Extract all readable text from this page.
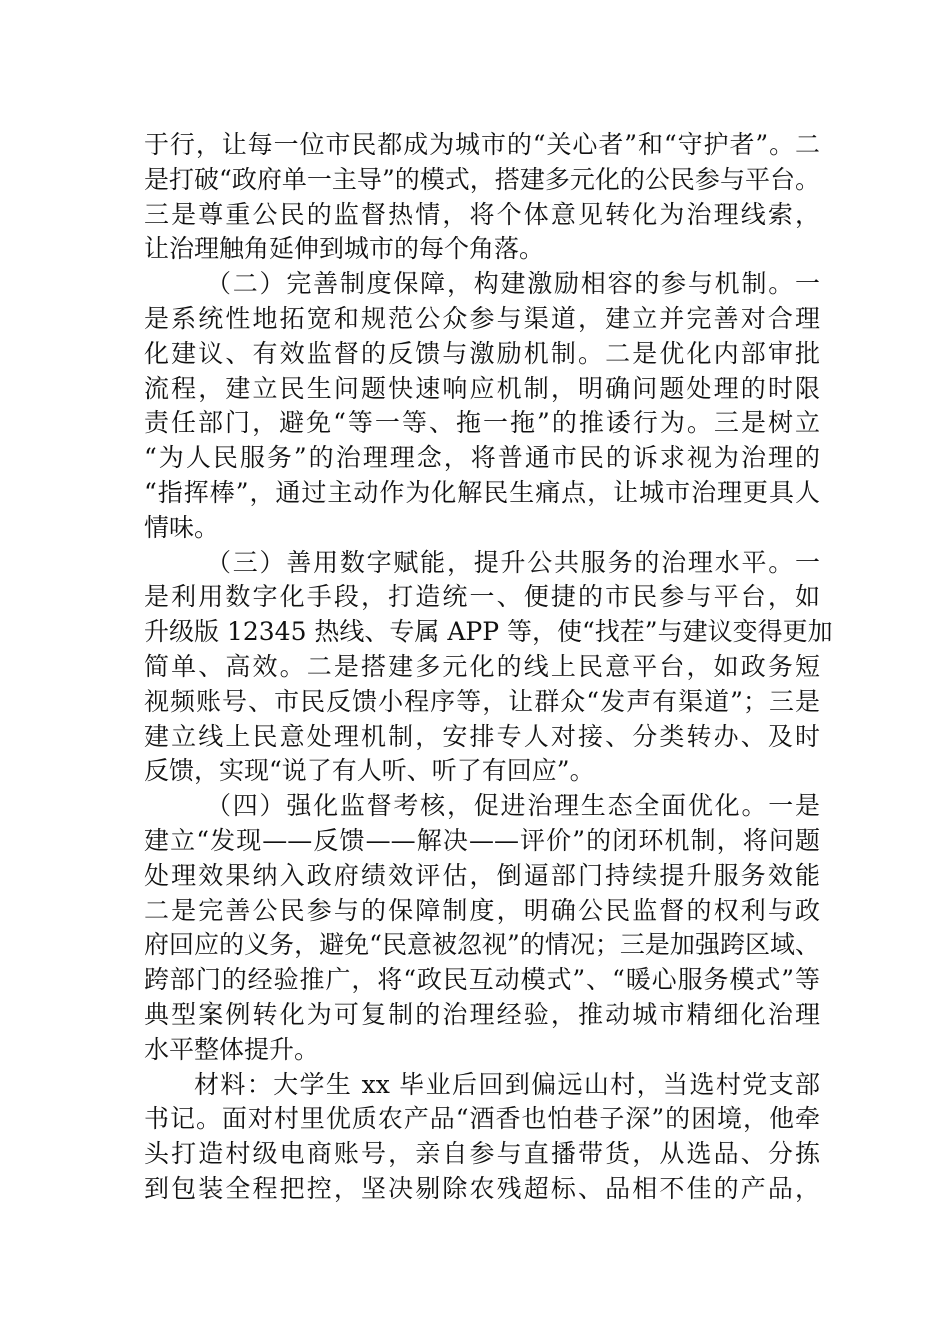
于行，让每一位市民都成为城市的“关心者”和“守护者”。二
是打破“政府单一主导”的模式，搭建多元化的公民参与平台。
三是尊重公民的监督热情，将个体意见转化为治理线索，
让治理触角延伸到城市的每个角落。
（二）完善制度保障，构建激励相容的参与机制。一
是系统性地拓宽和规范公众参与渠道，建立并完善对合理
化建议、有效监督的反馈与激励机制。二是优化内部审批
流程，建立民生问题快速响应机制，明确问题处理的时限
责任部门，避免“等一等、拖一拖”的推诿行为。三是树立
“为人民服务”的治理理念，将普通市民的诉求视为治理的
“指挥棒”，通过主动作为化解民生痛点，让城市治理更具人
情味。
（三）善用数字赋能，提升公共服务的治理水平。一
是利用数字化手段，打造统一、便捷的市民参与平台，如
升级版 12345 热线、专属 APP 等，使“找茬”与建议变得更加
简单、高效。二是搭建多元化的线上民意平台，如政务短
视频账号、市民反馈小程序等，让群众“发声有渠道”；三是
建立线上民意处理机制，安排专人对接、分类转办、及时
反馈，实现“说了有人听、听了有回应”。
（四）强化监督考核，促进治理生态全面优化。一是
建立“发现——反馈——解决——评价”的闭环机制，将问题
处理效果纳入政府绩效评估，倒逼部门持续提升服务效能
二是完善公民参与的保障制度，明确公民监督的权利与政
府回应的义务，避免“民意被忽视”的情况；三是加强跨区域、
跨部门的经验推广，将“政民互动模式”、“暖心服务模式”等
典型案例转化为可复制的治理经验，推动城市精细化治理
水平整体提升。
材料：大学生 xx 毕业后回到偏远山村，当选村党支部
书记。面对村里优质农产品“酒香也怕巷子深”的困境，他牵
头打造村级电商账号，亲自参与直播带货，从选品、分拣
到包装全程把控，坚决剔除农残超标、品相不佳的产品，
